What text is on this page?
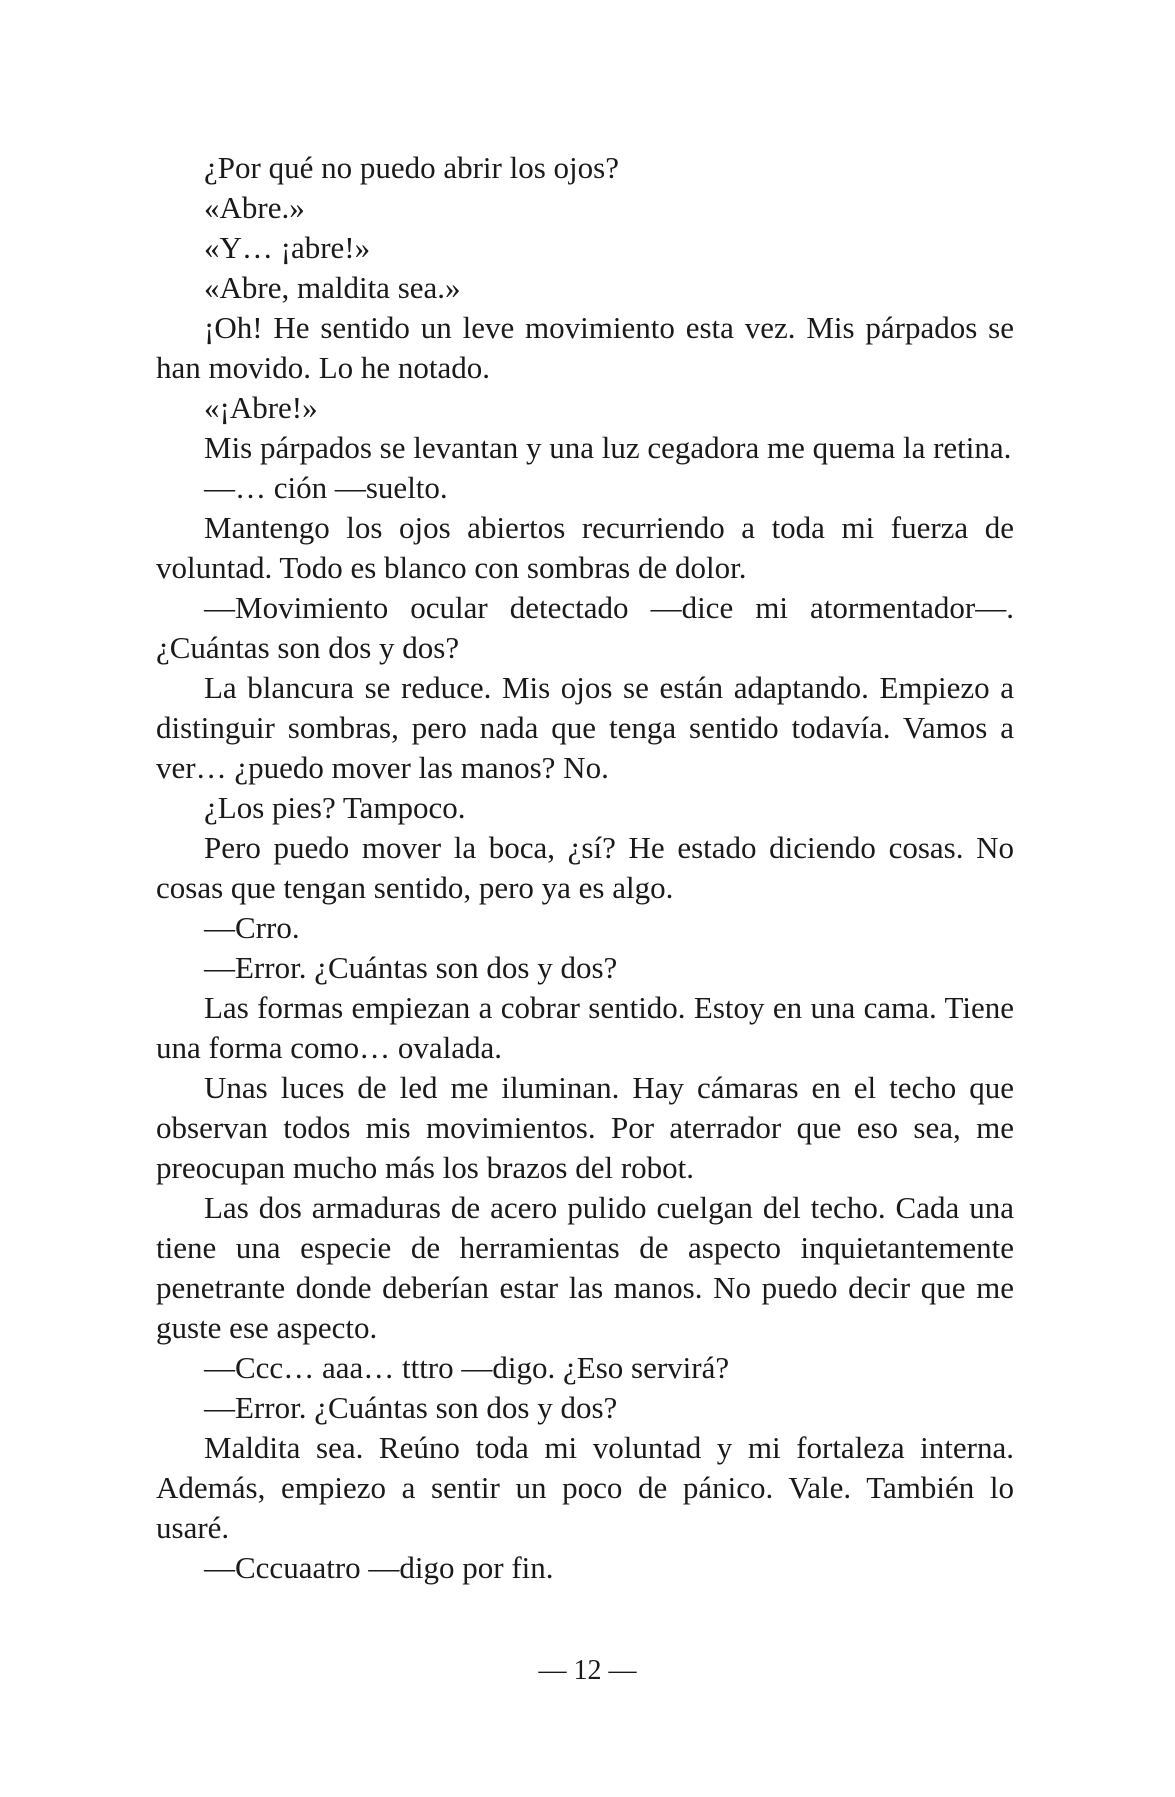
¿Por qué no puedo abrir los ojos?

«Abre.»

«Y… ¡abre!»

«Abre, maldita sea.»

¡Oh! He sentido un leve movimiento esta vez. Mis párpados se han movido. Lo he notado.

«¡Abre!»

Mis párpados se levantan y una luz cegadora me quema la retina.

—… ción —suelto.

Mantengo los ojos abiertos recurriendo a toda mi fuerza de voluntad. Todo es blanco con sombras de dolor.

—Movimiento ocular detectado —dice mi atormentador—. ¿Cuántas son dos y dos?

La blancura se reduce. Mis ojos se están adaptando. Empiezo a distinguir sombras, pero nada que tenga sentido todavía. Vamos a ver… ¿puedo mover las manos? No.

¿Los pies? Tampoco.

Pero puedo mover la boca, ¿sí? He estado diciendo cosas. No cosas que tengan sentido, pero ya es algo.

—Crro.

—Error. ¿Cuántas son dos y dos?

Las formas empiezan a cobrar sentido. Estoy en una cama. Tiene una forma como… ovalada.

Unas luces de led me iluminan. Hay cámaras en el techo que observan todos mis movimientos. Por aterrador que eso sea, me preocupan mucho más los brazos del robot.

Las dos armaduras de acero pulido cuelgan del techo. Cada una tiene una especie de herramientas de aspecto inquietantemente penetrante donde deberían estar las manos. No puedo decir que me guste ese aspecto.

—Ccc… aaa… tttro —digo. ¿Eso servirá?

—Error. ¿Cuántas son dos y dos?

Maldita sea. Reúno toda mi voluntad y mi fortaleza interna. Además, empiezo a sentir un poco de pánico. Vale. También lo usaré.

—Cccuaatro —digo por fin.

— 12 —
